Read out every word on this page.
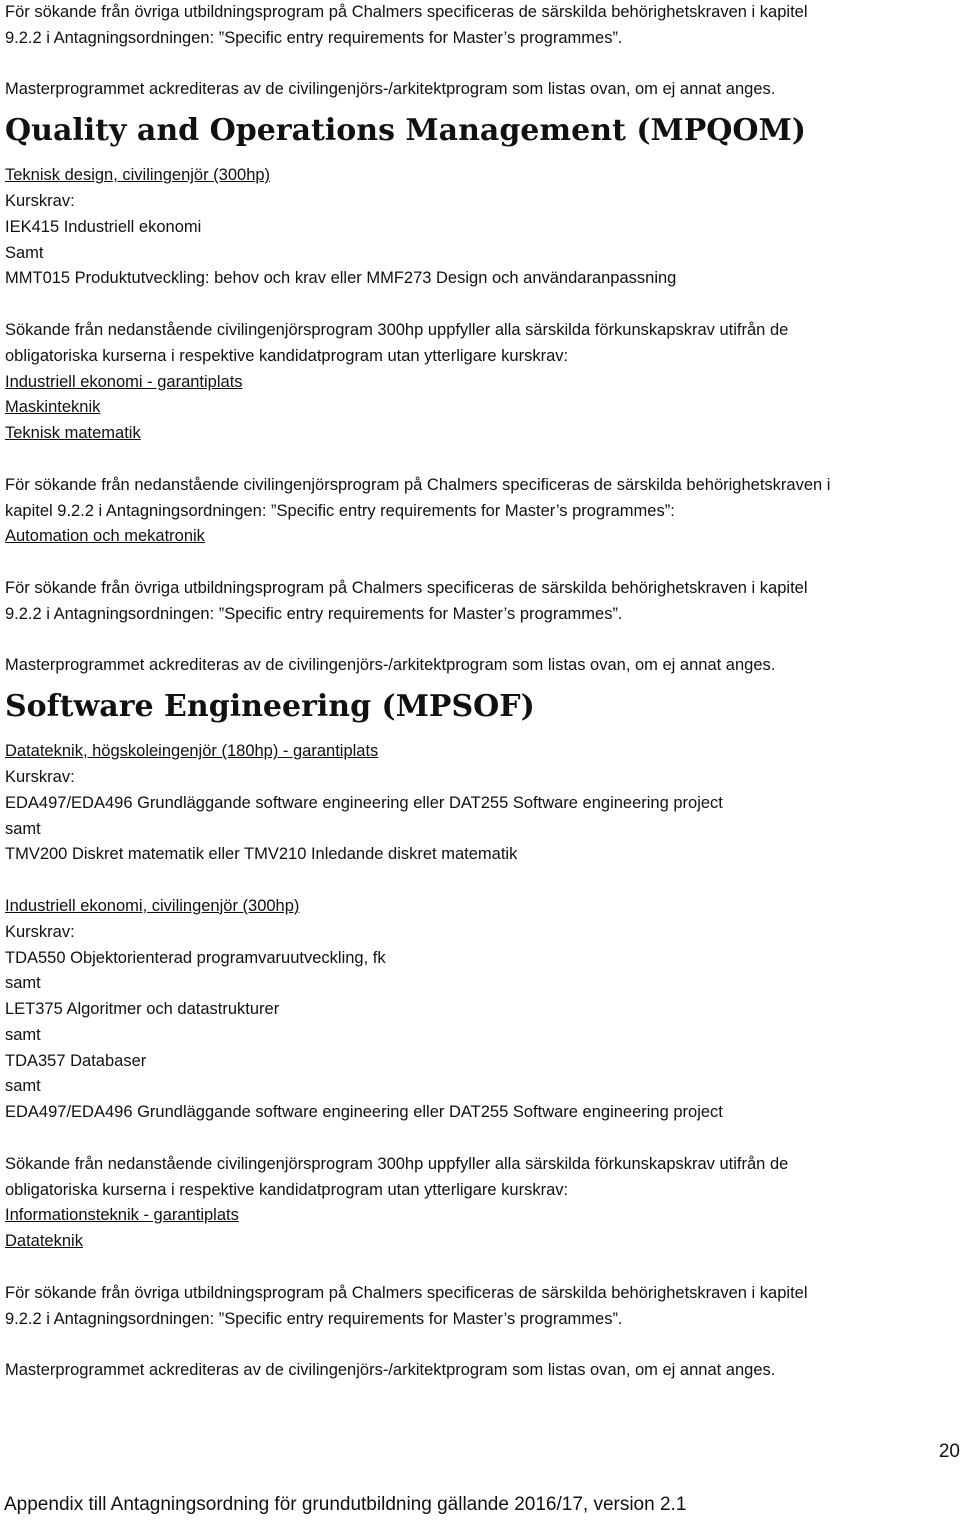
För sökande från övriga utbildningsprogram på Chalmers specificeras de särskilda behörighetskraven i kapitel
9.2.2 i Antagningsordningen: ”Specific entry requirements for Master’s programmes”.

Masterprogrammet ackrediteras av de civilingenjörs-/arkitektprogram som listas ovan, om ej annat anges.

Quality and Operations Management (MPQOM)

Teknisk design, civilingenjör (300hp)

Kurskrav:

IEK415 Industriell ekonomi

Samt

MMT015 Produktutveckling: behov och krav eller MMF273 Design och användaranpassning

Sökande från nedanstående civilingenjörsprogram 300hp uppfyller alla särskilda förkunskapskrav utifrån de
obligatoriska kurserna i respektive kandidatprogram utan ytterligare kurskrav:

Industriell ekonomi - garantiplats

Maskinteknik

Teknisk matematik

För sökande från nedanstående civilingenjörsprogram på Chalmers specificeras de särskilda behörighetskraven i
kapitel 9.2.2 i Antagningsordningen: ”Specific entry requirements for Master’s programmes”:

Automation och mekatronik

För sökande från övriga utbildningsprogram på Chalmers specificeras de särskilda behörighetskraven i kapitel
9.2.2 i Antagningsordningen: ”Specific entry requirements for Master’s programmes”.

Masterprogrammet ackrediteras av de civilingenjörs-/arkitektprogram som listas ovan, om ej annat anges.

Software Engineering (MPSOF)

Datateknik, högskoleingenjör (180hp) - garantiplats

Kurskrav:

EDA497/EDA496 Grundläggande software engineering eller DAT255 Software engineering project

samt

TMV200 Diskret matematik eller TMV210 Inledande diskret matematik

Industriell ekonomi, civilingenjör (300hp)

Kurskrav:

TDA550 Objektorienterad programvaruutveckling, fk

samt

LET375 Algoritmer och datastrukturer

samt

TDA357 Databaser

samt

EDA497/EDA496 Grundläggande software engineering eller DAT255 Software engineering project

Sökande från nedanstående civilingenjörsprogram 300hp uppfyller alla särskilda förkunskapskrav utifrån de
obligatoriska kurserna i respektive kandidatprogram utan ytterligare kurskrav:

Informationsteknik - garantiplats

Datateknik

För sökande från övriga utbildningsprogram på Chalmers specificeras de särskilda behörighetskraven i kapitel
9.2.2 i Antagningsordningen: ”Specific entry requirements for Master’s programmes”.

Masterprogrammet ackrediteras av de civilingenjörs-/arkitektprogram som listas ovan, om ej annat anges.

20
Appendix till Antagningsordning för grundutbildning gällande 2016/17, version 2.1
